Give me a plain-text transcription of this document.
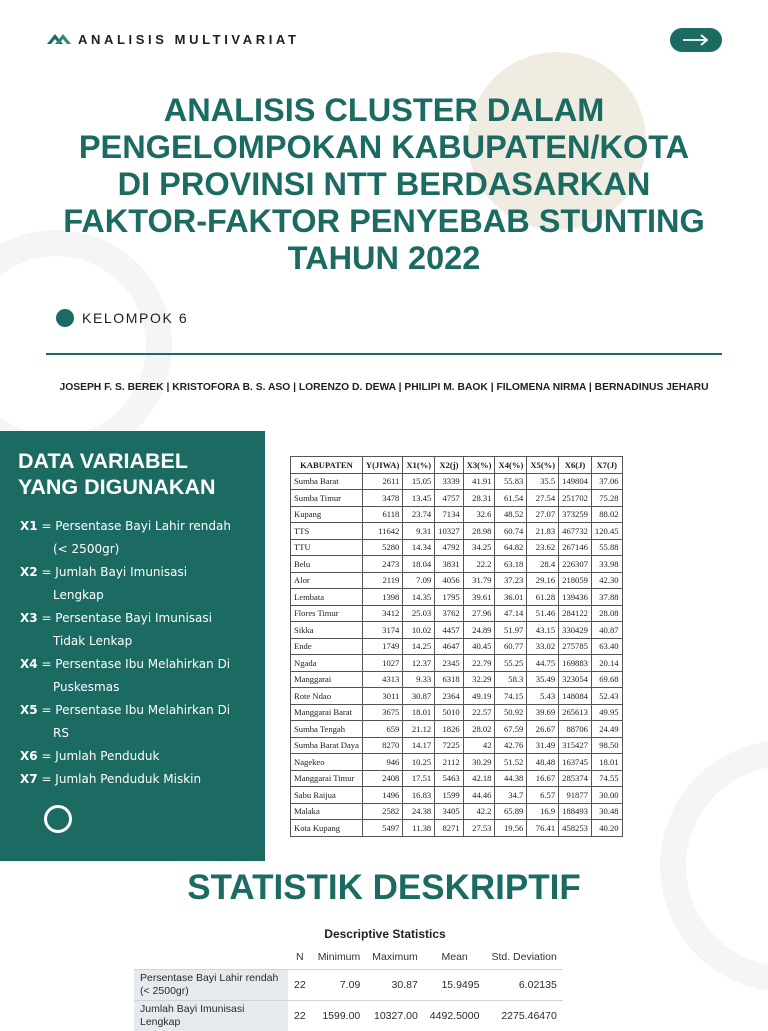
ANALISIS MULTIVARIAT
ANALISIS CLUSTER DALAM
PENGELOMPOKAN KABUPATEN/KOTA
DI PROVINSI NTT BERDASARKAN
FAKTOR-FAKTOR PENYEBAB STUNTING
TAHUN 2022
KELOMPOK 6
JOSEPH F. S. BEREK | KRISTOFORA B. S. ASO | LORENZO D. DEWA | PHILIPI M. BAOK | FILOMENA NIRMA | BERNADINUS JEHARU
DATA VARIABEL
YANG DIGUNAKAN
X1 = Persentase Bayi Lahir rendah
(< 2500gr)
X2 = Jumlah Bayi Imunisasi
Lengkap
X3 = Persentase Bayi Imunisasi
Tidak Lenkap
X4 = Persentase Ibu Melahirkan Di
Puskesmas
X5 = Persentase Ibu Melahirkan Di
RS
X6 = Jumlah Penduduk
X7 = Jumlah Penduduk Miskin
KABUPATEN	Y(JIWA)	X1(%)	X2(j)	X3(%)	X4(%)	X5(%)	X6(J)	X7(J)
Sumba Barat	2611	15.05	3339	41.91	55.83	35.5	149804	37.06
Sumba Timur	3478	13.45	4757	28.31	61.54	27.54	251702	75.28
Kupang	6118	23.74	7134	32.6	48.52	27.07	373259	88.02
TTS	11642	9.31	10327	28.98	60.74	21.83	467732	120.45
TTU	5280	14.34	4792	34.25	64.82	23.62	267146	55.88
Belu	2473	18.04	3831	22.2	63.18	28.4	226307	33.98
Alor	2119	7.09	4056	31.79	37.23	29.16	218059	42.30
Lembata	1398	14.35	1795	39.61	36.01	61.28	139436	37.88
Flores Timur	3412	25.03	3762	27.96	47.14	51.46	284122	28.08
Sikka	3174	10.02	4457	24.89	51.97	43.15	330429	40.87
Ende	1749	14.25	4647	40.45	60.77	33.02	275785	63.40
Ngada	1027	12.37	2345	22.79	55.25	44.75	169883	20.14
Manggarai	4313	9.33	6318	32.29	58.3	35.49	323054	69.68
Rote Ndao	3011	30.87	2364	49.19	74.15	5.43	148084	52.43
Manggarai Barat	3675	18.01	5010	22.57	50.92	39.69	265613	49.95
Sumba Tengah	659	21.12	1826	28.02	67.59	26.67	88706	24.49
Sumba Barat Daya	8270	14.17	7225	42	42.76	31.49	315427	98.50
Nagekeo	946	10.25	2112	30.29	51.52	48.48	163745	18.01
Manggarai Timur	2408	17.51	5463	42.18	44.38	16.67	285374	74.55
Sabu Raijua	1496	16.83	1599	44.46	34.7	6.57	91877	30.00
Malaka	2582	24.38	3405	42.2	65.89	16.9	188493	30.48
Kota Kupang	5497	11.38	8271	27.53	19.56	76.41	458253	40.20
STATISTIK DESKRIPTIF
Descriptive Statistics
	N	Minimum	Maximum	Mean	Std. Deviation
Persentase Bayi Lahir rendah (< 2500gr)	22	7.09	30.87	15.9495	6.02135
Jumlah Bayi Imunisasi Lengkap	22	1599.00	10327.00	4492.5000	2275.46470
